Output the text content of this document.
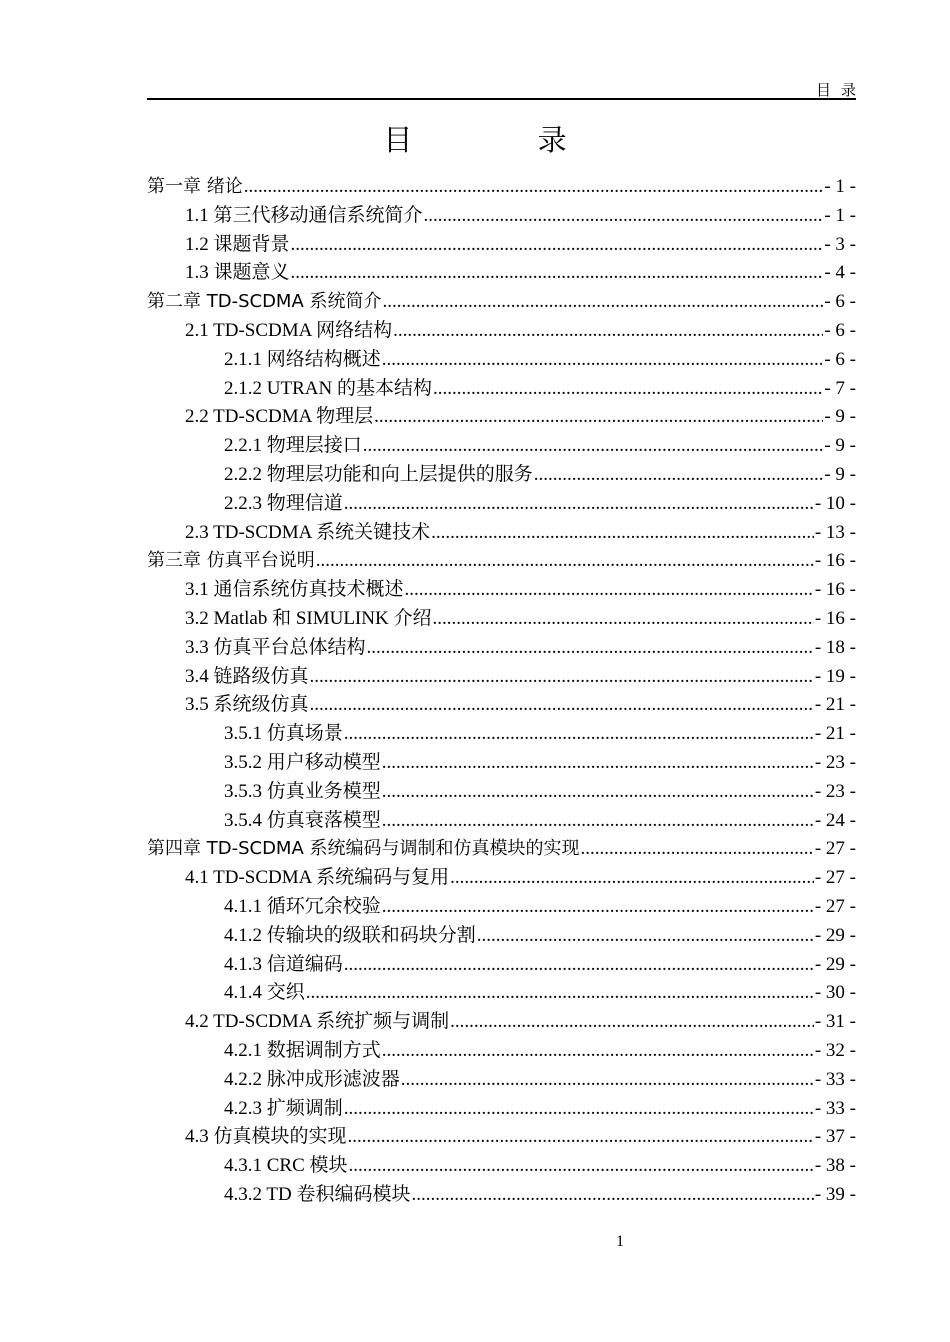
目录
目 录
第一章 绪论 .....	- 1 -
1.1 第三代移动通信系统简介 .....	- 1 -
1.2 课题背景 .....	- 3 -
1.3 课题意义 .....	- 4 -
第二章 TD-SCDMA 系统简介 .....	- 6 -
2.1 TD-SCDMA 网络结构 .....	- 6 -
2.1.1 网络结构概述 .....	- 6 -
2.1.2 UTRAN 的基本结构 .....	- 7 -
2.2 TD-SCDMA 物理层 .....	- 9 -
2.2.1 物理层接口 .....	- 9 -
2.2.2 物理层功能和向上层提供的服务 .....	- 9 -
2.2.3 物理信道 .....	- 10 -
2.3 TD-SCDMA 系统关键技术 .....	- 13 -
第三章 仿真平台说明 .....	- 16 -
3.1 通信系统仿真技术概述 .....	- 16 -
3.2 Matlab 和 SIMULINK 介绍 .....	- 16 -
3.3 仿真平台总体结构 .....	- 18 -
3.4 链路级仿真 .....	- 19 -
3.5 系统级仿真 .....	- 21 -
3.5.1 仿真场景 .....	- 21 -
3.5.2 用户移动模型 .....	- 23 -
3.5.3 仿真业务模型 .....	- 23 -
3.5.4 仿真衰落模型 .....	- 24 -
第四章 TD-SCDMA 系统编码与调制和仿真模块的实现 .....	- 27 -
4.1 TD-SCDMA 系统编码与复用 .....	- 27 -
4.1.1 循环冗余校验 .....	- 27 -
4.1.2 传输块的级联和码块分割 .....	- 29 -
4.1.3 信道编码 .....	- 29 -
4.1.4 交织 .....	- 30 -
4.2 TD-SCDMA 系统扩频与调制 .....	- 31 -
4.2.1 数据调制方式 .....	- 32 -
4.2.2 脉冲成形滤波器 .....	- 33 -
4.2.3 扩频调制 .....	- 33 -
4.3 仿真模块的实现 .....	- 37 -
4.3.1 CRC 模块 .....	- 38 -
4.3.2 TD 卷积编码模块 .....	- 39 -
1
